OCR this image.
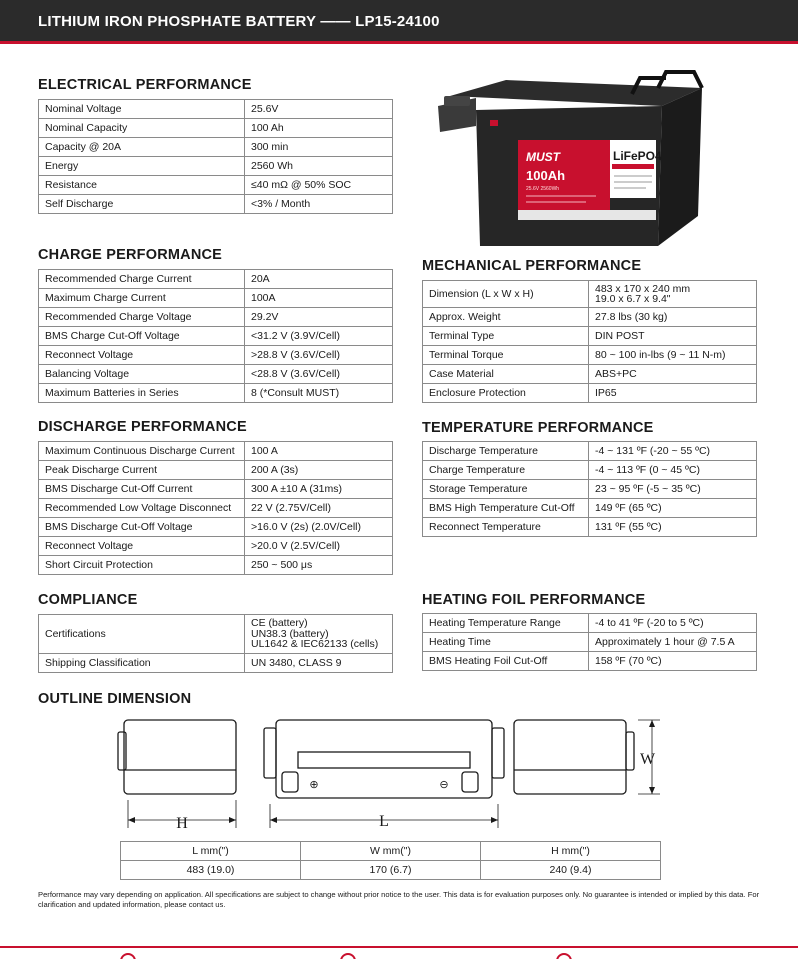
LITHIUM IRON PHOSPHATE BATTERY —— LP15-24100
ELECTRICAL PERFORMANCE
Nominal Voltage	25.6V
Nominal Capacity	100 Ah
Capacity @ 20A	300 min
Energy	2560 Wh
Resistance	≤40 mΩ @ 50% SOC
Self Discharge	<3% / Month
CHARGE PERFORMANCE
Recommended Charge Current	20A
Maximum Charge Current	100A
Recommended Charge Voltage	29.2V
BMS Charge Cut-Off Voltage	<31.2 V (3.9V/Cell)
Reconnect Voltage	>28.8 V (3.6V/Cell)
Balancing Voltage	<28.8 V (3.6V/Cell)
Maximum Batteries in Series	8 (*Consult MUST)
DISCHARGE PERFORMANCE
Maximum Continuous Discharge Current	100 A
Peak Discharge Current	200 A (3s)
BMS Discharge Cut-Off Current	300 A ±10 A (31ms)
Recommended Low Voltage Disconnect	22 V (2.75V/Cell)
BMS Discharge Cut-Off Voltage	>16.0 V (2s) (2.0V/Cell)
Reconnect Voltage	>20.0 V (2.5V/Cell)
Short Circuit Protection	250 ~ 500 μs
COMPLIANCE
Certifications	CE (battery)
UN38.3 (battery)
UL1642 & IEC62133 (cells)

Shipping Classification	UN 3480, CLASS 9
MUST
100Ah
25.6V 2560Wh
LiFePO4
MECHANICAL PERFORMANCE
Dimension (L x W x H)	483 x 170 x 240 mm
19.0 x 6.7 x 9.4"

Approx. Weight	27.8 lbs (30 kg)
Terminal Type	DIN POST
Terminal Torque	80 ~ 100 in-lbs (9 ~ 11 N-m)
Case Material	ABS+PC
Enclosure Protection	IP65
TEMPERATURE PERFORMANCE
Discharge Temperature	-4 ~ 131 ºF (-20 ~ 55 ºC)
Charge Temperature	-4 ~ 113 ºF (0 ~ 45 ºC)
Storage Temperature	23 ~ 95 ºF (-5 ~ 35 ºC)
BMS High Temperature Cut-Off	149 ºF (65 ºC)
Reconnect Temperature	131 ºF (55 ºC)
HEATING FOIL PERFORMANCE
Heating Temperature Range	-4 to 41 ºF (-20 to 5 ºC)
Heating Time	Approximately 1 hour @ 7.5 A
BMS Heating Foil Cut-Off	158 ºF (70 ºC)
OUTLINE DIMENSION
H	L
W
⊕	⊖
L mm(")	W mm(")	H mm(")
483 (19.0)	170 (6.7)	240 (9.4)
Performance may vary depending on application. All specifications are subject to change without prior notice to the user. This data is for evaluation purposes only. No guarantee is intended or implied by this data. For clarification and updated information, please contact us.
